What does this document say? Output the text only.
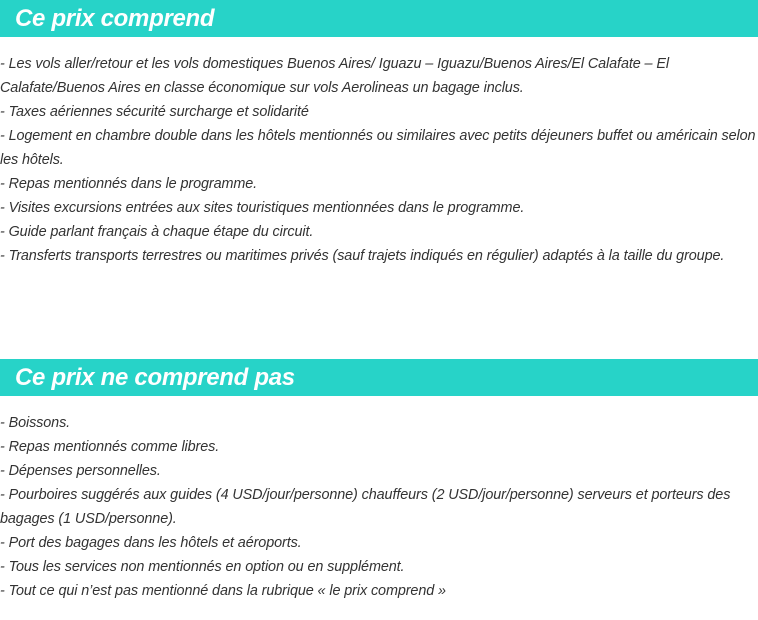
Ce prix comprend
- Les vols aller/retour et les vols domestiques Buenos Aires/ Iguazu – Iguazu/Buenos Aires/El Calafate – El Calafate/Buenos Aires en classe économique sur vols Aerolineas un bagage inclus.
- Taxes aériennes sécurité surcharge et solidarité
- Logement en chambre double dans les hôtels mentionnés ou similaires avec petits déjeuners buffet ou américain selon les hôtels.
- Repas mentionnés dans le programme.
- Visites excursions entrées aux sites touristiques mentionnées dans le programme.
- Guide parlant français à chaque étape du circuit.
- Transferts transports terrestres ou maritimes privés (sauf trajets indiqués en régulier) adaptés à la taille du groupe.
Ce prix ne comprend pas
- Boissons.
- Repas mentionnés comme libres.
- Dépenses personnelles.
- Pourboires suggérés aux guides (4 USD/jour/personne) chauffeurs (2 USD/jour/personne) serveurs et porteurs des bagages (1 USD/personne).
- Port des bagages dans les hôtels et aéroports.
- Tous les services non mentionnés en option ou en supplément.
- Tout ce qui n’est pas mentionné dans la rubrique « le prix comprend »
